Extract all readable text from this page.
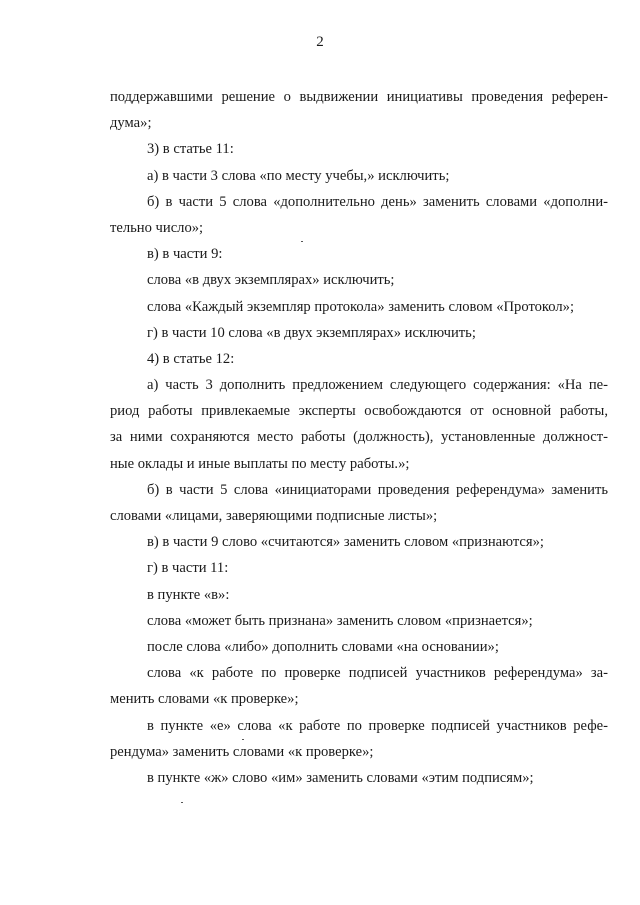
2
поддержавшими решение о выдвижении инициативы проведения референ-
дума»;
3) в статье 11:
а) в части 3 слова «по месту учебы,» исключить;
б) в части 5 слова «дополнительно день» заменить словами «дополни-
тельно число»;
в) в части 9:
слова «в двух экземплярах» исключить;
слова «Каждый экземпляр протокола» заменить словом «Протокол»;
г) в части 10 слова «в двух экземплярах» исключить;
4) в статье 12:
а) часть 3 дополнить предложением следующего содержания: «На пе-
риод работы привлекаемые эксперты освобождаются от основной работы,
за ними сохраняются место работы (должность), установленные должност-
ные оклады и иные выплаты по месту работы.»;
б) в части 5 слова «инициаторами проведения референдума» заменить
словами «лицами, заверяющими подписные листы»;
в) в части 9 слово «считаются» заменить словом «признаются»;
г) в части 11:
в пункте «в»:
слова «может быть признана» заменить словом «признается»;
после слова «либо» дополнить словами «на основании»;
слова «к работе по проверке подписей участников референдума» за-
менить словами «к проверке»;
в пункте «е» слова «к работе по проверке подписей участников рефе-
рендума» заменить словами «к проверке»;
в пункте «ж» слово «им» заменить словами «этим подписям»;
